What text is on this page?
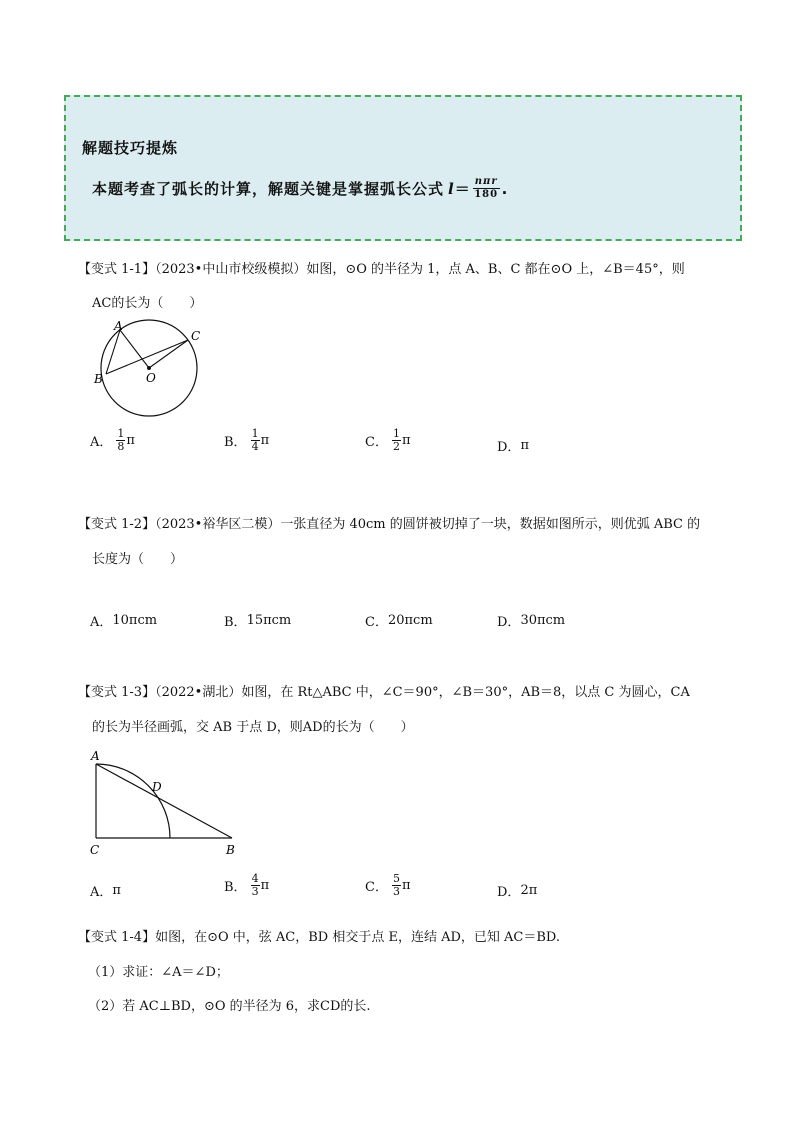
解题技巧提炼
本题考查了弧长的计算，解题关键是掌握弧长公式 $l = \frac{\text{nπr}}{180}$ .
【变式 1-1】（2023•中山市校级模拟）如图，⊙O 的半径为 1，点 A、B、C 都在⊙O 上，∠B＝45°，则
AC的长为（　　）
A
C
B	O
A．
1
8 π	B．
1
4 π	C．
1
2 π	D． π
【变式 1-2】（2023•裕华区二模）一张直径为 40cm 的圆饼被切掉了一块，数据如图所示，则优弧 ABC 的
长度为（　　）
A． 10πcm	B． 15πcm	C． 20πcm	D． 30πcm
【变式 1-3】（2022•湖北）如图，在 Rt△ABC 中，∠C＝90°，∠B＝30°，AB＝8，以点 C 为圆心，CA
的长为半径画弧，交 AB 于点 D，则AD的长为（　　）
A
D
C	B
A． π	B．
4
3 π	C．
5
3 π	D． 2π
【变式 1-4】如图，在⊙O 中，弦 AC，BD 相交于点 E，连结 AD，已知 AC＝BD.
（1）求证：∠A＝∠D；
（2）若 AC⊥BD，⊙O 的半径为 6，求CD的长.
